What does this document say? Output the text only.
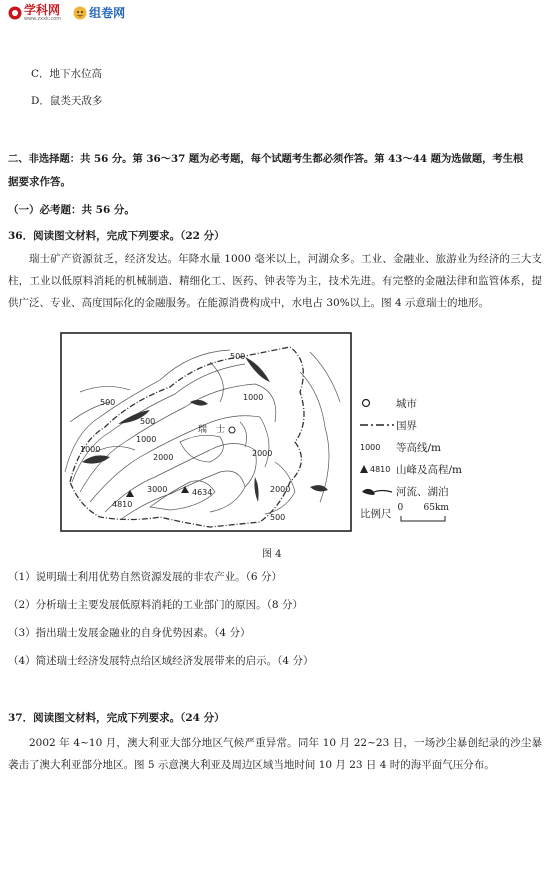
学科网
www.zxxk.com 组卷网
C．地下水位高
D．鼠类天敌多
二、非选择题：共 56 分。第 36～37 题为必考题，每个试题考生都必须作答。第 43～44 题为选做题，考生根
据要求作答。
（一）必考题：共 56 分。
36．阅读图文材料，完成下列要求。（22 分）
瑞士矿产资源贫乏，经济发达。年降水量 1000 毫米以上，河湖众多。工业、金融业、旅游业为经济的三大支柱，工业以低原料消耗的机械制造、精细化工、医药、钟表等为主，技术先进。有完整的金融法律和监管体系，提供广泛、专业、高度国际化的金融服务。在能源消费构成中，水电占 30%以上。图 4 示意瑞士的地形。
500
500
500
500
1000
1000
1000
2000	2000
2000
3000
4810
4634
瑞　士
城市
国界
1000	等高线/m
4810 山峰及高程/m
河流、湖泊
比例尺 0 65km
图 4
（1）说明瑞士利用优势自然资源发展的非农产业。（6 分）
（2）分析瑞士主要发展低原料消耗的工业部门的原因。（8 分）
（3）指出瑞士发展金融业的自身优势因素。（4 分）
（4）简述瑞士经济发展特点给区域经济发展带来的启示。（4 分）
37．阅读图文材料，完成下列要求。（24 分）
2002 年 4~10 月，澳大利亚大部分地区气候严重异常。同年 10 月 22~23 日，一场沙尘暴创纪录的沙尘暴袭击了澳大利亚部分地区。图 5 示意澳大利亚及周边区域当地时间 10 月 23 日 4 时的海平面气压分布。
